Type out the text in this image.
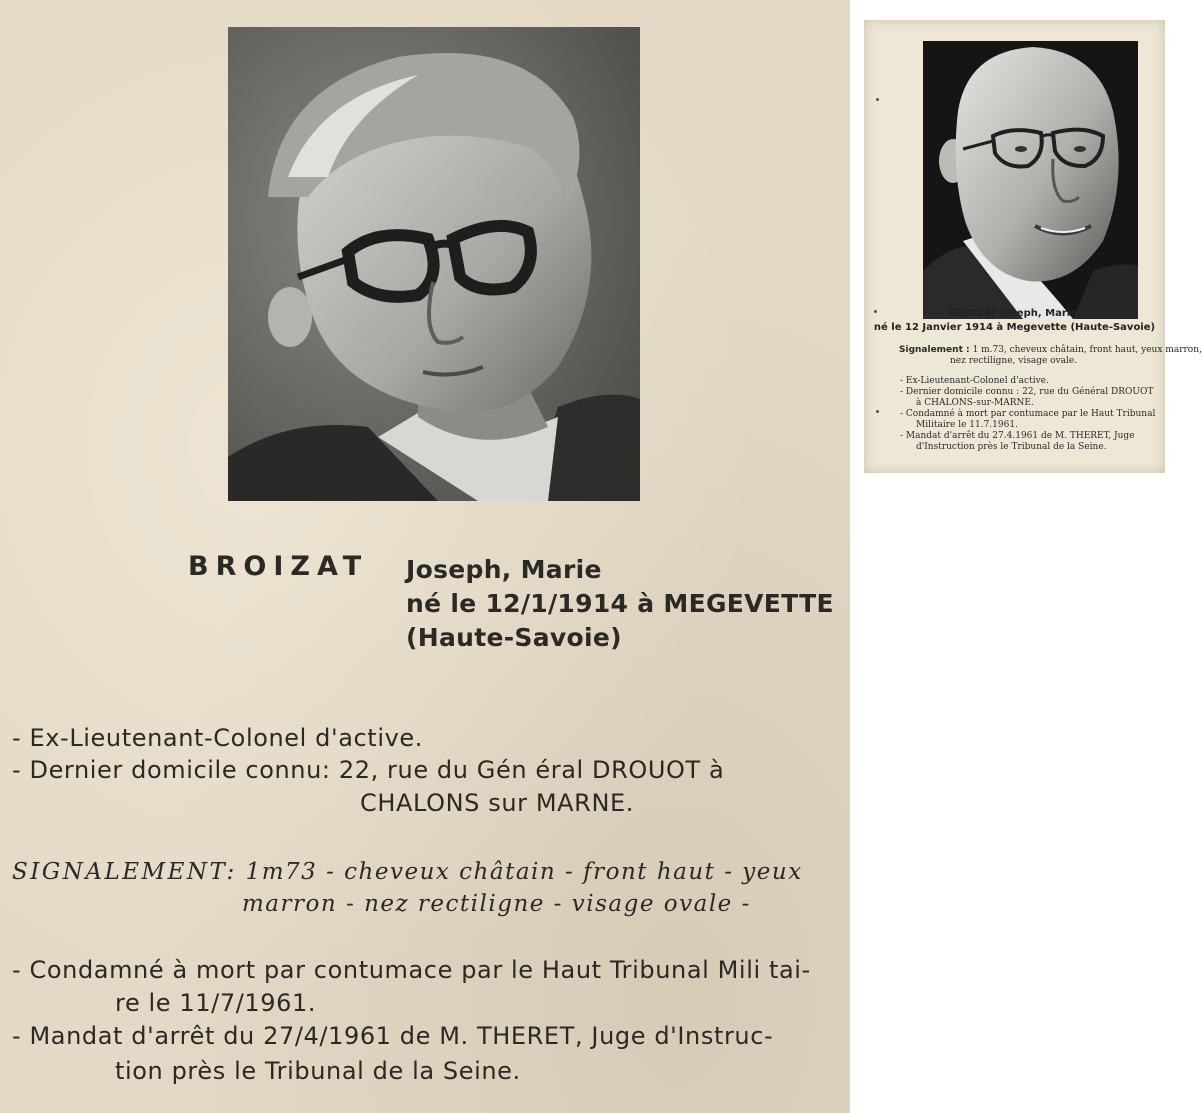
BROIZAT Joseph, Marie
né le 12/1/1914 à MEGEVETTE
(Haute-Savoie)
- Ex-Lieutenant-Colonel d'active.
- Dernier domicile connu: 22, rue du Gén éral DROUOT à
CHALONS sur MARNE.
SIGNALEMENT: 1m73 - cheveux châtain - front haut - yeux
marron - nez rectiligne - visage ovale -
- Condamné à mort par contumace par le Haut Tribunal Mili tai-
re le 11/7/1961.
- Mandat d'arrêt du 27/4/1961 de M. THERET, Juge d'Instruc-
tion près le Tribunal de la Seine.
BROIZAT Joseph, Marie,
né le 12 Janvier 1914 à Megevette (Haute-Savoie)
Signalement : 1 m.73, cheveux châtain, front haut, yeux marron,
nez rectiligne, visage ovale.
- Ex-Lieutenant-Colonel d'active.
- Dernier domicile connu : 22, rue du Général DROUOT
à CHALONS-sur-MARNE.
- Condamné à mort par contumace par le Haut Tribunal
Militaire le 11.7.1961.
- Mandat d'arrêt du 27.4.1961 de M. THERET, Juge
d'Instruction près le Tribunal de la Seine.
